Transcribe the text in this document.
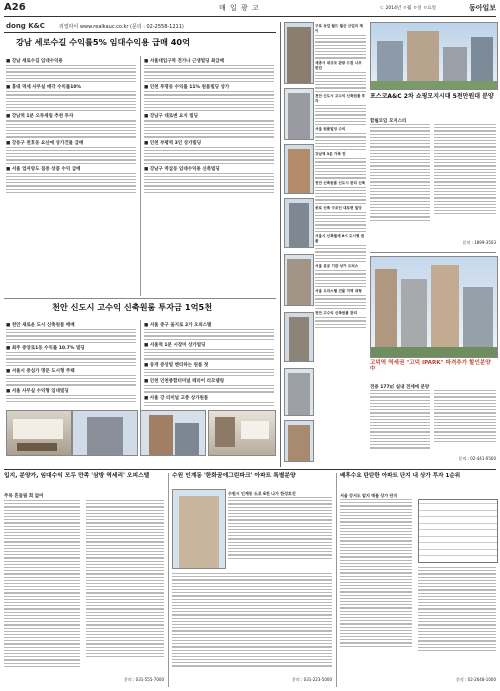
A26	매 일 광 고	ㄷ 2014년 ㅇ월 ㅇ일 ㅇ요일	동아일보
dong K&C	리얼라이 www.realkauc.co.kr (문의 : 02-2558-1211)
강남 세로수길 수익률5% 임대수익용 급매 40억
■ 강남 세로수길 임대수익용
■ 홍대 역세 사무실 매각 수익률10%
■ 강남역 1분 오투세립 추천 투자
■ 강동구 천호동 요산에 상가건물 급매
■ 서울 업자양도 집중 상품 수익 급매
■ 서울대입구역 전가나 근생빌딩 최급매
■ 인천 투명동 수익률 11% 원룸빌딩 상가
■ 강남구 대로변 요지 빌딩
■ 인천 부평역 3인 상가빌딩
■ 강남구 역삼동 임대수익용 신축빌딩
천안 신도시 고수익 신축원룸 투자금 1억5천
■ 천안 새로운 도시 신축원룸 매매
■ 최주 중앙로1동 수익률 10.7% 빌딩
■ 서울시 중심가 명문 도시형 주택
■ 서울 사무실 수익형 임대빌딩
■ 서울 중구 을지로 2가 오피스텔
■ 서울역 1분 시장미 상가빌딩
■ 동개 증상빌 멘티하는 원룸 첫
■ 인천 인천종합터미널 테리어 리모델링
■ 사울 강 터미널 고층 상가원룸
구로 상업 월드 월산 산업의 제이
세종시 대규모 관광 드림 나무 한민
천안 신도시 고수익 신축원룸 투자
서울 원룸빌딩 수익
강남역 3분 가족 전
천안 신축원룸 신도시 관리 신축
종로 신축 구조인 대로변 빌딩
서울시 신축월세 6시 도시형 원룸
서울 공공 기관 상가 오피스
서울 오피스텔 건물 지역 대형
천안 고수익 신축원룸 관리
포스코A&C 2차 쇼핑모지시대 5천만원대 분양
합월모임 모지스티
문의 : 1899-3503
고덕역 역세권 "고덕 IPARK" 파격추가 할인분양 中
전용 177㎡ 실내 전세에 분양
문의 : 02-441-0560
입지, 분양가, 임대수익 모두 만족 '삼방 역세리' 오피스텔
주목 흔들림 회 없어
문의 : 031-555-7000
수원 인계동 '한화꿈에그린파크' 아파트 특별분양
수원시 인계동 도로 6천 나가 한성토건
문의 : 031-223-5000
배후수요 탄탄한 아파트 단지 내 상가 투자 1순위
서울 강서도 알지 매물 상가 단지
문의 : 02-2648-1000
